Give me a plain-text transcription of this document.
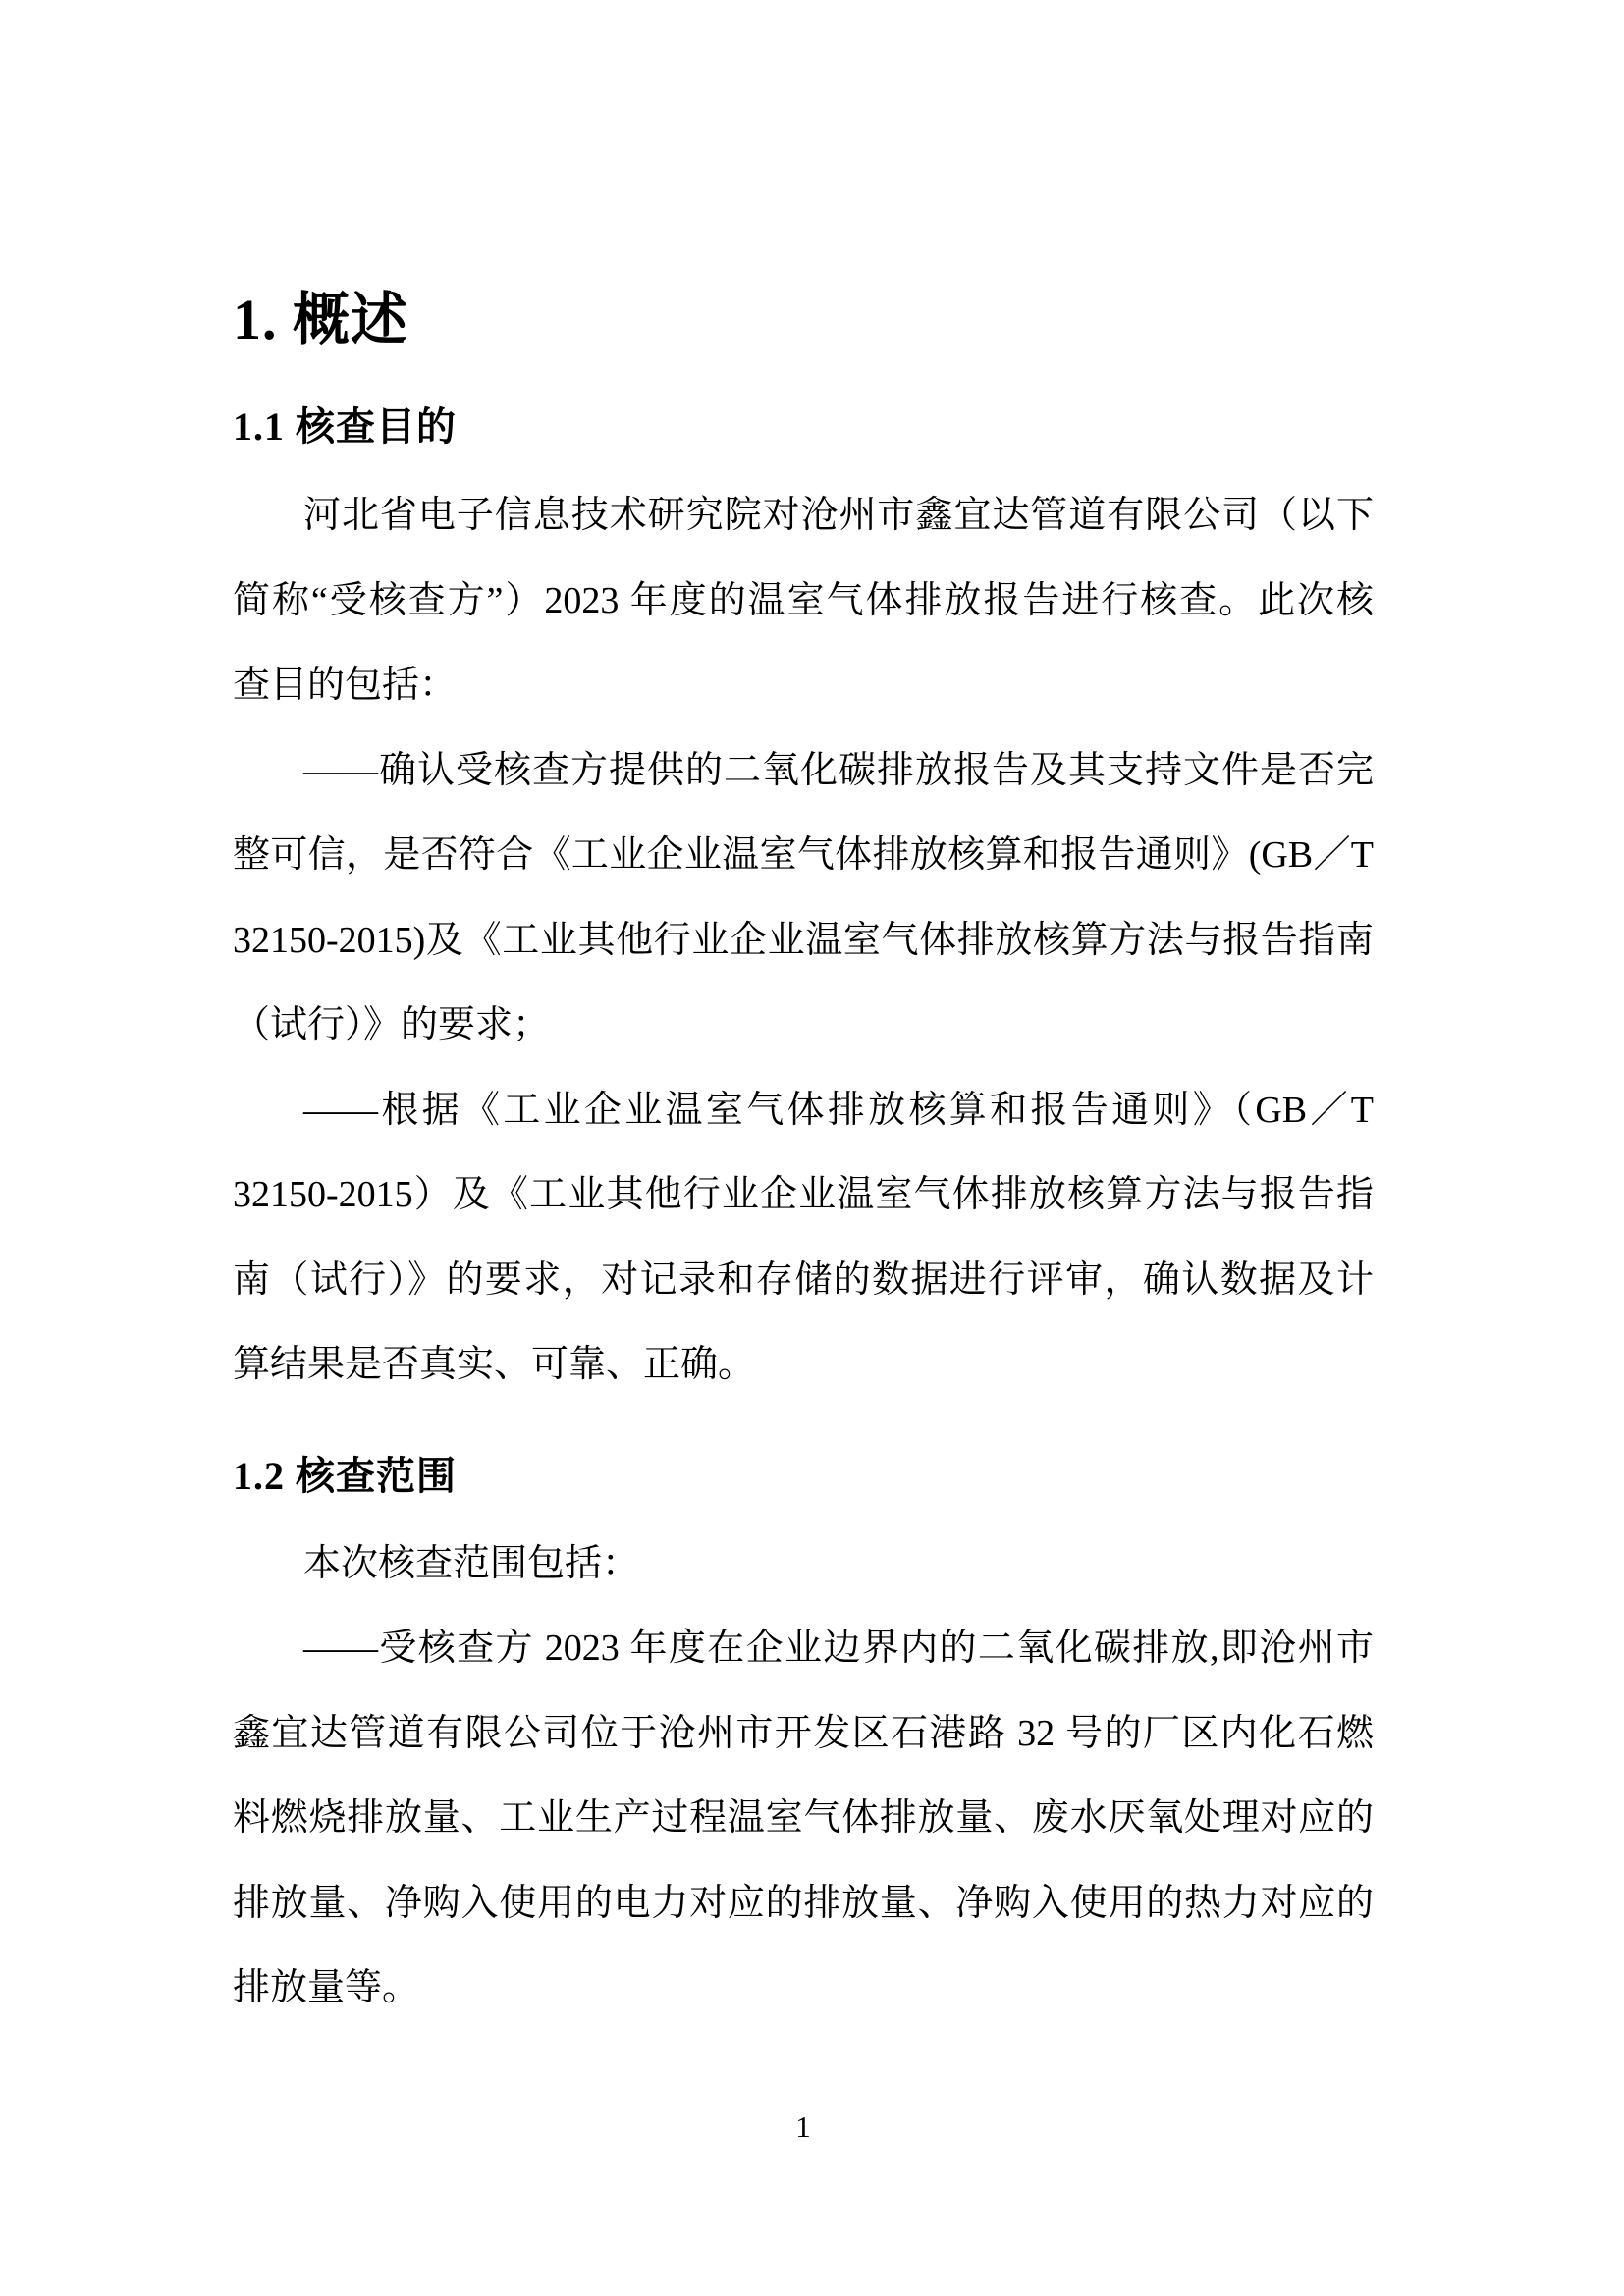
1. 概述
1.1 核查目的
河北省电子信息技术研究院对沧州市鑫宜达管道有限公司（以下
简称“受核查方”）2023 年度的温室气体排放报告进行核查。此次核
查目的包括：
——确认受核查方提供的二氧化碳排放报告及其支持文件是否完
整可信，是否符合《工业企业温室气体排放核算和报告通则》(GB／T
32150-2015)及《工业其他行业企业温室气体排放核算方法与报告指南
（试行）》的要求；
——根据《工业企业温室气体排放核算和报告通则》（GB／T
32150-2015）及《工业其他行业企业温室气体排放核算方法与报告指
南（试行）》的要求，对记录和存储的数据进行评审，确认数据及计
算结果是否真实、可靠、正确。
1.2 核查范围
本次核查范围包括：
——受核查方 2023 年度在企业边界内的二氧化碳排放,即沧州市
鑫宜达管道有限公司位于沧州市开发区石港路 32 号的厂区内化石燃
料燃烧排放量、工业生产过程温室气体排放量、废水厌氧处理对应的
排放量、净购入使用的电力对应的排放量、净购入使用的热力对应的
排放量等。
1
